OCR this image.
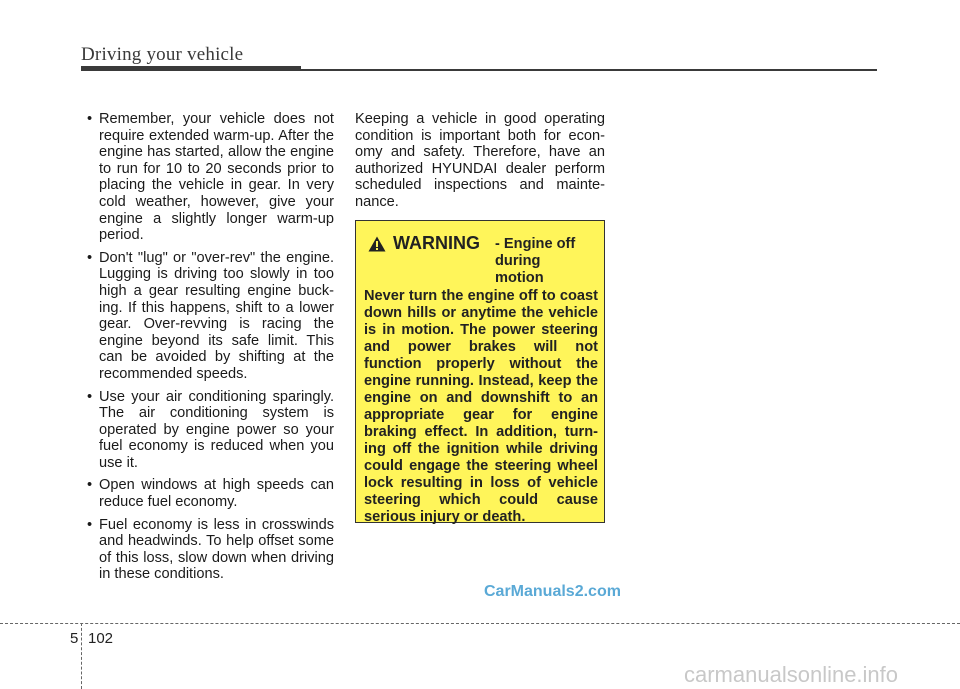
Driving your vehicle
• Remember, your vehicle does not require extended warm-up. After the engine has started, allow the engine to run for 10 to 20 seconds prior to placing the vehicle in gear. In very cold weather, however, give your engine a slightly longer warm-up period.
• Don't "lug" or "over-rev" the engine. Lugging is driving too slowly in too high a gear resulting engine buck-ing. If this happens, shift to a lower gear. Over-revving is racing the engine beyond its safe limit. This can be avoided by shifting at the recommended speeds.
• Use your air conditioning sparingly. The air conditioning system is operated by engine power so your fuel economy is reduced when you use it.
• Open windows at high speeds can reduce fuel economy.
• Fuel economy is less in crosswinds and headwinds. To help offset some of this loss, slow down when driving in these conditions.
Keeping a vehicle in good operating condition is important both for econ-omy and safety. Therefore, have an authorized HYUNDAI dealer perform scheduled inspections and mainte-nance.
WARNING - Engine off
during
motion
Never turn the engine off to coast down hills or anytime the vehicle is in motion. The power steering and power brakes will not function properly without the engine running. Instead, keep the engine on and downshift to an appropriate gear for engine braking effect. In addition, turn-ing off the ignition while driving could engage the steering wheel lock resulting in loss of vehicle steering which could cause serious injury or death.
CarManuals2.com
5 102
carmanualsonline.info
